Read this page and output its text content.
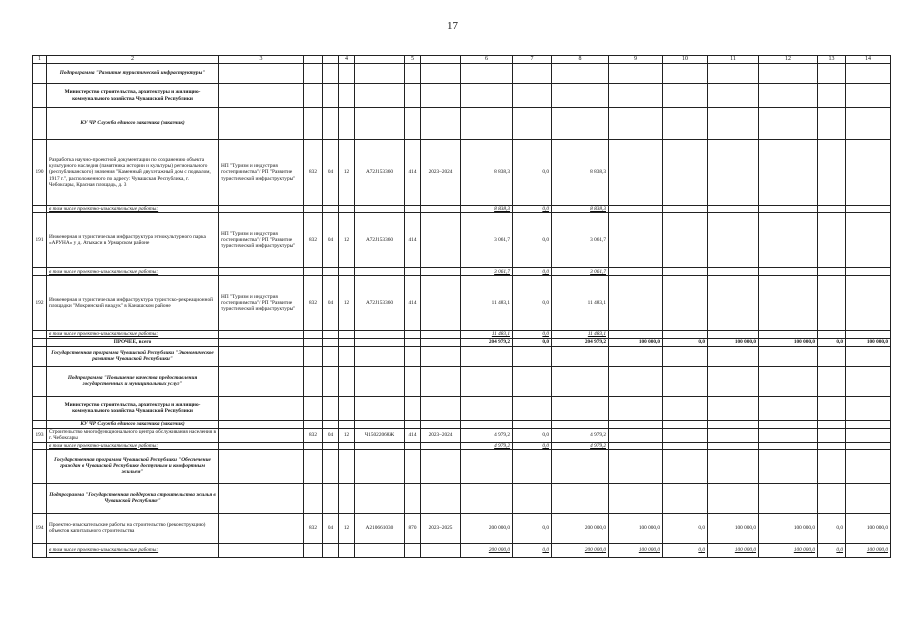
17
1	2	3			4		5		6	7	8	9	10	11	12	13	14
	Подпрограмма "Развитие туристической инфраструктуры"																
	Министерство строительства, архитектуры и жилищно-коммунального хозяйства Чувашской Республики																
	КУ ЧР Служба единого заказчика (заказчик)																
190	Разработка научно-проектной документации по сохранению объекта культурного наследия (памятника истории и культуры) регионального (республиканского) значения "Каменный двухэтажный дом с подвалом, 1917 г.", расположенного по адресу: Чувашская Республика, г. Чебоксары, Красная площадь, д. 3	НП "Туризм и индустрия гостеприимства"/ РП "Развитие туристической инфраструктуры"	832	04	12	А72J153360	414	2023–2024	8 838,3	0,0	8 838,3						
	в том числе проектно-изыскательские работы:								8 838,3	0,0	8 838,3						
191	Инженерная и туристическая инфраструктура этнокультурного парка «АРУНА» у д. Атыкаси в Урмарском районе	НП "Туризм и индустрия гостеприимства"/ РП "Развитие туристической инфраструктуры"	832	04	12	А72J153360	414		3 061,7	0,0	3 061,7						
	в том числе проектно-изыскательские работы:								3 061,7	0,0	3 061,7						
192	Инженерная и туристическая инфраструктура туристско-рекреационной площадки "Мокринский виадук" в Канашском районе	НП "Туризм и индустрия гостеприимства"/ РП "Развитие туристической инфраструктуры"	832	04	12	А72J153360	414		11 483,1	0,0	11 483,1						
	в том числе проектно-изыскательские работы:								11 483,1	0,0	11 483,1						
	ПРОЧЕЕ, всего								204 979,2	0,0	204 979,2	100 000,0	0,0	100 000,0	100 000,0	0,0	100 000,0
	Государственная программа Чувашской Республики "Экономическое развитие Чувашской Республики"																
	Подпрограмма "Повышение качества предоставления государственных и муниципальных услуг"																
	Министерство строительства, архитектуры и жилищно-коммунального хозяйства Чувашской Республики																
	КУ ЧР Служба единого заказчика (заказчик)																
193	Строительство многофункционального центра обслуживания населения в г. Чебоксары		832	04	12	Ч15022068Ж	414	2023–2024	4 979,2	0,0	4 979,2						
	в том числе проектно-изыскательские работы:								4 979,2	0,0	4 979,2						
	Государственная программа Чувашской Республики "Обеспечение граждан в Чувашской Республике доступным и комфортным жильем"																
	Подпрограмма "Государственная поддержка строительства жилья в Чувашской Республике"																
194	Проектно-изыскательские работы на строительство (реконструкцию) объектов капитального строительства		832	04	12	А210661030	870	2023–2025	200 000,0	0,0	200 000,0	100 000,0	0,0	100 000,0	100 000,0	0,0	100 000,0
	в том числе проектно-изыскательские работы:								200 000,0	0,0	200 000,0	100 000,0	0,0	100 000,0	100 000,0	0,0	100 000,0
